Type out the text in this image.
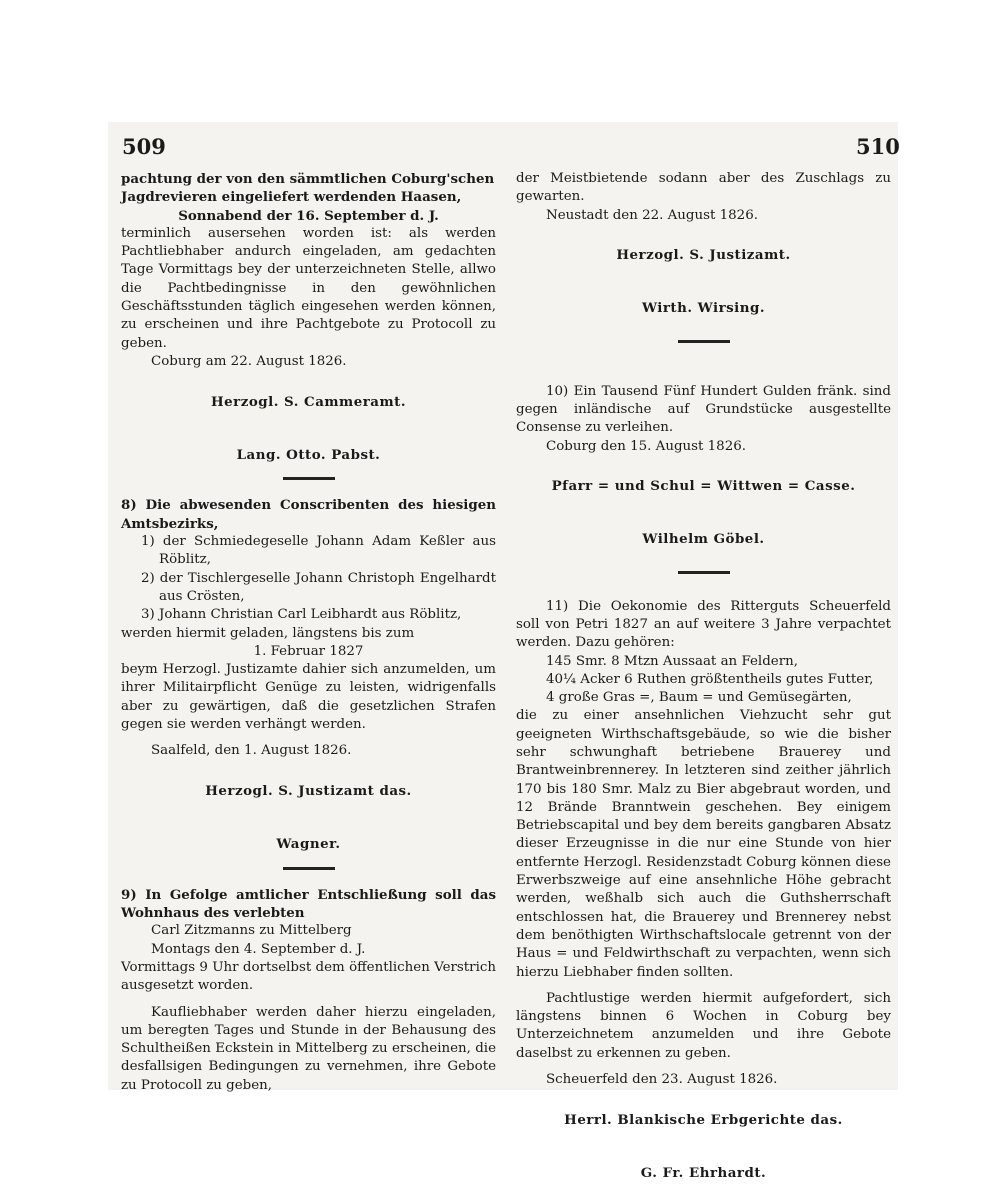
509	510

pachtung der von den sämmtlichen Coburg'schen

Jagdrevieren eingeliefert werdenden Haasen,

Sonnabend der 16. September d. J.

terminlich ausersehen worden ist: als werden Pachtliebhaber andurch eingeladen, am gedachten Tage Vormittags bey der unterzeichneten Stelle, allwo die Pachtbedingnisse in den gewöhnlichen Geschäftsstunden täglich eingesehen werden können, zu erscheinen und ihre Pachtgebote zu Protocoll zu geben.

Coburg am 22. August 1826.

Herzogl. S. Cammeramt.

Lang. Otto. Pabst.

8) Die abwesenden Conscribenten des hiesigen Amtsbezirks,

1) der Schmiedegeselle Johann Adam Keßler aus Röblitz,

2) der Tischlergeselle Johann Christoph Engelhardt aus Crösten,

3) Johann Christian Carl Leibhardt aus Röblitz,

werden hiermit geladen, längstens bis zum

1. Februar 1827

beym Herzogl. Justizamte dahier sich anzumelden, um ihrer Militairpflicht Genüge zu leisten, widrigenfalls aber zu gewärtigen, daß die gesetzlichen Strafen gegen sie werden verhängt werden.

Saalfeld, den 1. August 1826.

Herzogl. S. Justizamt das.

Wagner.

9) In Gefolge amtlicher Entschließung soll das Wohnhaus des verlebten

Carl Zitzmanns zu Mittelberg

Montags den 4. September d. J.

Vormittags 9 Uhr dortselbst dem öffentlichen Verstrich ausgesetzt worden.

Kaufliebhaber werden daher hierzu eingeladen, um beregten Tages und Stunde in der Behausung des Schultheißen Eckstein in Mittelberg zu erscheinen, die desfallsigen Bedingungen zu vernehmen, ihre Gebote zu Protocoll zu geben,

der Meistbietende sodann aber des Zuschlags zu gewarten.

Neustadt den 22. August 1826.

Herzogl. S. Justizamt.

Wirth. Wirsing.

10) Ein Tausend Fünf Hundert Gulden fränk. sind gegen inländische auf Grundstücke ausgestellte Consense zu verleihen.

Coburg den 15. August 1826.

Pfarr = und Schul = Wittwen = Casse.

Wilhelm Göbel.

11) Die Oekonomie des Ritterguts Scheuerfeld soll von Petri 1827 an auf weitere 3 Jahre verpachtet werden. Dazu gehören:

145 Smr. 8 Mtzn Aussaat an Feldern,

40¼ Acker 6 Ruthen größtentheils gutes Futter,

4 große Gras =, Baum = und Gemüsegärten,

die zu einer ansehnlichen Viehzucht sehr gut geeigneten Wirthschaftsgebäude, so wie die bisher sehr schwunghaft betriebene Brauerey und Brantweinbrennerey. In letzteren sind zeither jährlich 170 bis 180 Smr. Malz zu Bier abgebraut worden, und 12 Brände Branntwein geschehen. Bey einigem Betriebscapital und bey dem bereits gangbaren Absatz dieser Erzeugnisse in die nur eine Stunde von hier entfernte Herzogl. Residenzstadt Coburg können diese Erwerbszweige auf eine ansehnliche Höhe gebracht werden, weßhalb sich auch die Guthsherrschaft entschlossen hat, die Brauerey und Brennerey nebst dem benöthigten Wirthschaftslocale getrennt von der Haus = und Feldwirthschaft zu verpachten, wenn sich hierzu Liebhaber finden sollten.

Pachtlustige werden hiermit aufgefordert, sich längstens binnen 6 Wochen in Coburg bey Unterzeichnetem anzumelden und ihre Gebote daselbst zu erkennen zu geben.

Scheuerfeld den 23. August 1826.

Herrl. Blankische Erbgerichte das.

G. Fr. Ehrhardt.
